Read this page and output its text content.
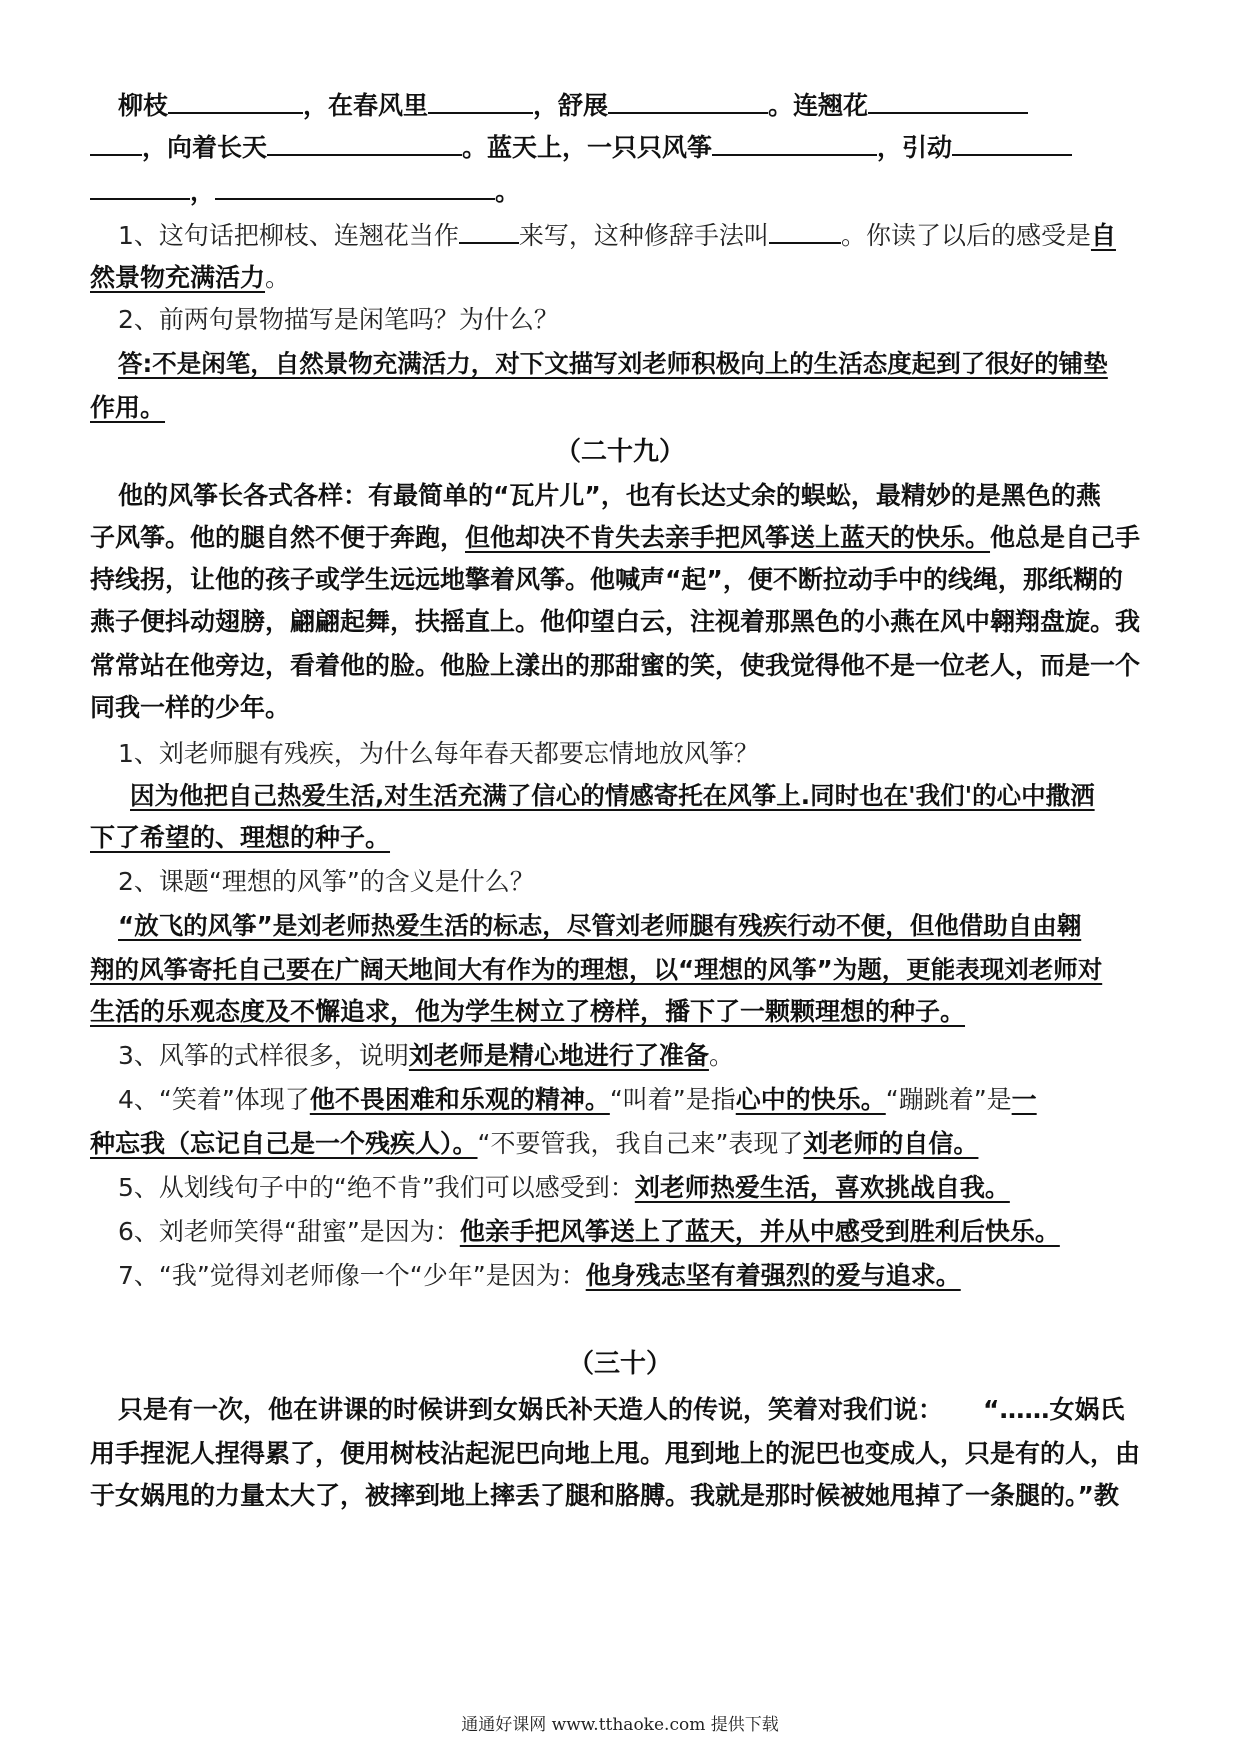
柳枝	，在春风里	，舒展	。连翘花
，向着长天	。蓝天上，一只只风筝	，引动
，	。
1、这句话把柳枝、连翘花当作 来写，这种修辞手法叫	。你读了以后的感受是自
然景物充满活力。
2、前两句景物描写是闲笔吗？为什么？
答:不是闲笔，自然景物充满活力，对下文描写刘老师积极向上的生活态度起到了很好的铺垫
作用。
（二十九）
他的风筝长各式各样：有最简单的“瓦片儿”，也有长达丈余的蜈蚣，最精妙的是黑色的燕
子风筝。他的腿自然不便于奔跑，但他却决不肯失去亲手把风筝送上蓝天的快乐。他总是自己手
持线拐，让他的孩子或学生远远地擎着风筝。他喊声“起”，便不断拉动手中的线绳，那纸糊的
燕子便抖动翅膀，翩翩起舞，扶摇直上。他仰望白云，注视着那黑色的小燕在风中翱翔盘旋。我
常常站在他旁边，看着他的脸。他脸上漾出的那甜蜜的笑，使我觉得他不是一位老人，而是一个
同我一样的少年。
1、刘老师腿有残疾，为什么每年春天都要忘情地放风筝？
因为他把自己热爱生活,对生活充满了信心的情感寄托在风筝上.同时也在'我们'的心中撒洒
下了希望的、理想的种子。
2、课题“理想的风筝”的含义是什么？
“放飞的风筝”是刘老师热爱生活的标志，尽管刘老师腿有残疾行动不便，但他借助自由翱
翔的风筝寄托自己要在广阔天地间大有作为的理想，以“理想的风筝”为题，更能表现刘老师对
生活的乐观态度及不懈追求，他为学生树立了榜样，播下了一颗颗理想的种子。
3、风筝的式样很多，说明刘老师是精心地进行了准备。
4、“笑着”体现了他不畏困难和乐观的精神。“叫着”是指心中的快乐。“蹦跳着”是一
种忘我（忘记自己是一个残疾人）。“不要管我，我自己来”表现了刘老师的自信。
5、从划线句子中的“绝不肯”我们可以感受到：刘老师热爱生活，喜欢挑战自我。
6、刘老师笑得“甜蜜”是因为：他亲手把风筝送上了蓝天，并从中感受到胜利后快乐。
7、“我”觉得刘老师像一个“少年”是因为：他身残志坚有着强烈的爱与追求。
（三十）
只是有一次，他在讲课的时候讲到女娲氏补天造人的传说，笑着对我们说： “……女娲氏
用手捏泥人捏得累了，便用树枝沾起泥巴向地上甩。甩到地上的泥巴也变成人，只是有的人，由
于女娲甩的力量太大了，被摔到地上摔丢了腿和胳膊。我就是那时候被她甩掉了一条腿的。”教
通通好课网 www.tthaoke.com 提供下载
